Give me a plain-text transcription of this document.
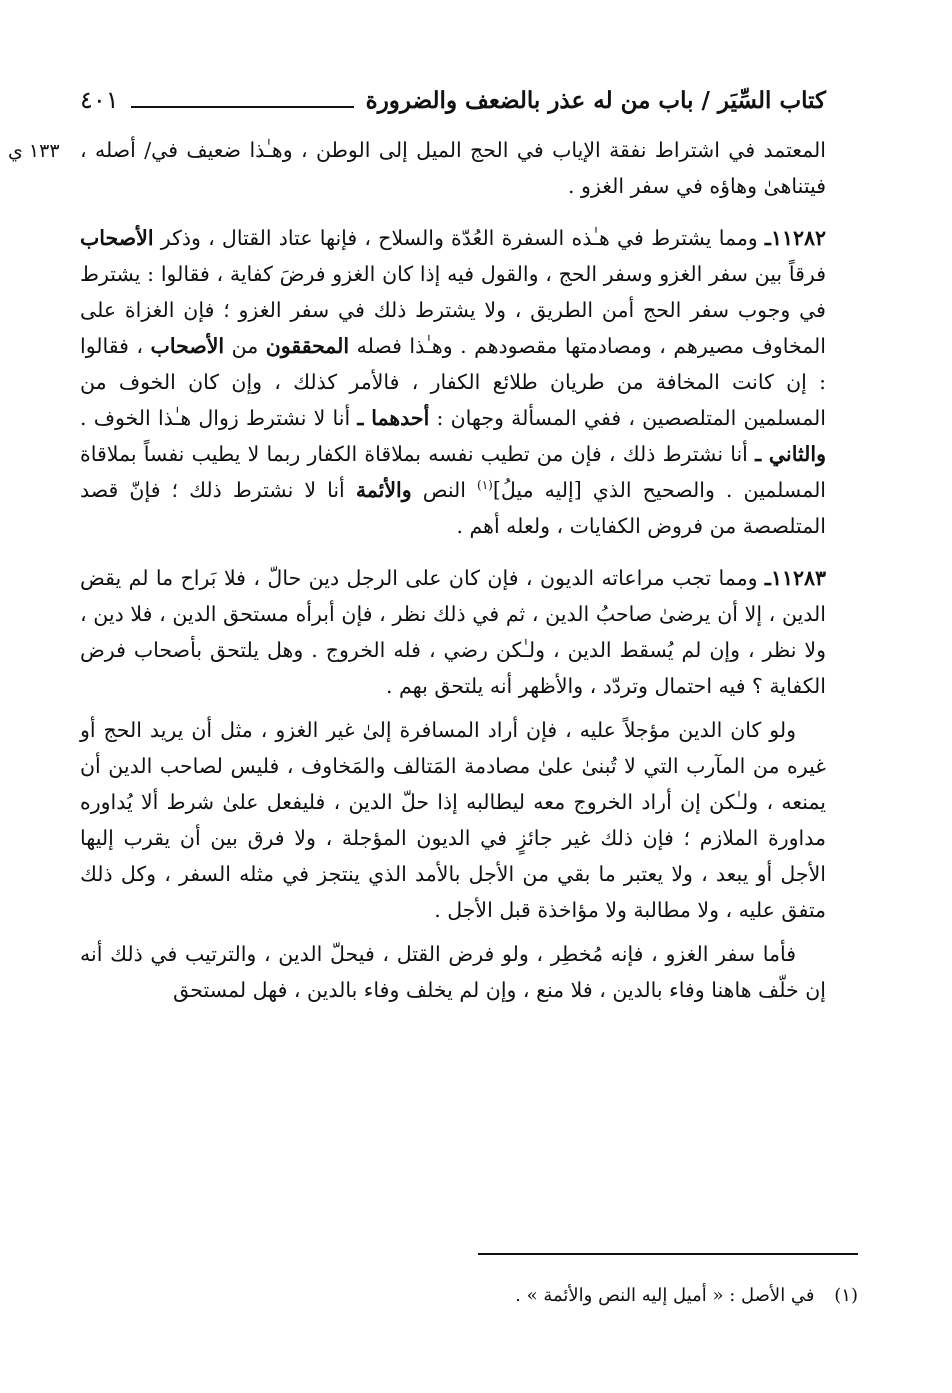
كتاب السِّيَر / باب من له عذر بالضعف والضرورة
٤٠١
١٣٣ ي المعتمد في اشتراط نفقة الإياب في الحج الميل إلى الوطن ، وهـٰذا ضعيف في/ أصله ، فيتناهىٰ وهاؤه في سفر الغزو .

١١٢٨٢ـ ومما يشترط في هـٰذه السفرة العُدّة والسلاح ، فإنها عتاد القتال ، وذكر الأصحاب فرقاً بين سفر الغزو وسفر الحج ، والقول فيه إذا كان الغزو فرضَ كفاية ، فقالوا : يشترط في وجوب سفر الحج أمن الطريق ، ولا يشترط ذلك في سفر الغزو ؛ فإن الغزاة على المخاوف مصيرهم ، ومصادمتها مقصودهم . وهـٰذا فصله المحققون من الأصحاب ، فقالوا : إن كانت المخافة من طريان طلائع الكفار ، فالأمر كذلك ، وإن كان الخوف من المسلمين المتلصصين ، ففي المسألة وجهان : أحدهما ـ أنا لا نشترط زوال هـٰذا الخوف . والثاني ـ أنا نشترط ذلك ، فإن من تطيب نفسه بملاقاة الكفار ربما لا يطيب نفساً بملاقاة المسلمين . والصحيح الذي [إليه ميلُ]$^{(١)}$ النص والأئمة أنا لا نشترط ذلك ؛ فإنّ قصد المتلصصة من فروض الكفايات ، ولعله أهم .

١١٢٨٣ـ ومما تجب مراعاته الديون ، فإن كان على الرجل دين حالّ ، فلا بَراح ما لم يقض الدين ، إلا أن يرضىٰ صاحبُ الدين ، ثم في ذلك نظر ، فإن أبرأه مستحق الدين ، فلا دين ، ولا نظر ، وإن لم يُسقط الدين ، ولـٰكن رضي ، فله الخروج . وهل يلتحق بأصحاب فرض الكفاية ؟ فيه احتمال وتردّد ، والأظهر أنه يلتحق بهم .

ولو كان الدين مؤجلاً عليه ، فإن أراد المسافرة إلىٰ غير الغزو ، مثل أن يريد الحج أو غيره من المآرب التي لا تُبنىٰ علىٰ مصادمة المَتالف والمَخاوف ، فليس لصاحب الدين أن يمنعه ، ولـٰكن إن أراد الخروج معه ليطالبه إذا حلّ الدين ، فليفعل علىٰ شرط ألا يُداوره مداورة الملازم ؛ فإن ذلك غير جائزٍ في الديون المؤجلة ، ولا فرق بين أن يقرب إليها الأجل أو يبعد ، ولا يعتبر ما بقي من الأجل بالأمد الذي ينتجز في مثله السفر ، وكل ذلك متفق عليه ، ولا مطالبة ولا مؤاخذة قبل الأجل .

فأما سفر الغزو ، فإنه مُخطِر ، ولو فرض القتل ، فيحلّ الدين ، والترتيب في ذلك أنه إن خلّف هاهنا وفاء بالدين ، فلا منع ، وإن لم يخلف وفاء بالدين ، فهل لمستحق

(١) في الأصل : « أميل إليه النص والأئمة » .
